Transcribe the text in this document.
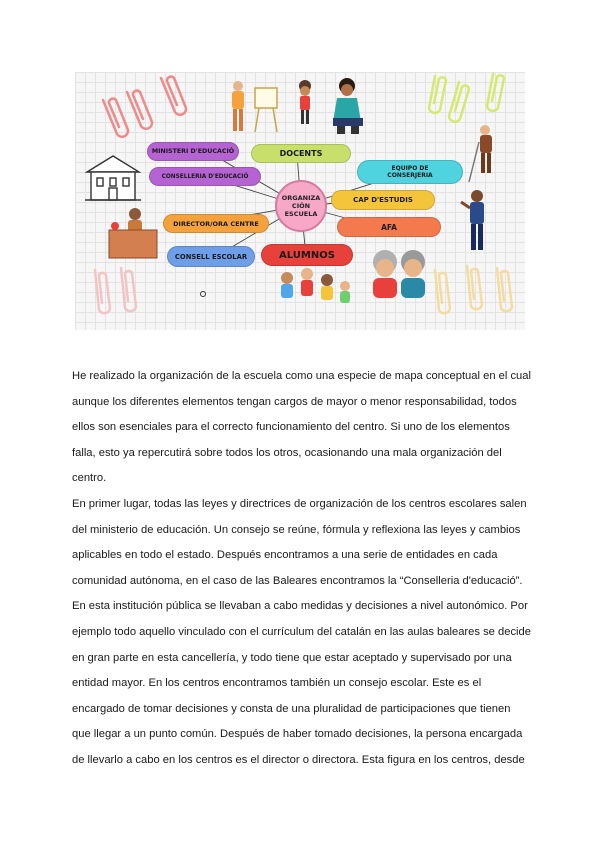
MINISTERI D'EDUCACIÓ	DOCENTS
CONSELLERIA D'EDUCACIÓ
EQUIPO DE CONSERJERIA
DIRECTOR/ORA CENTRE
CAP D'ESTUDIS
AFA
CONSELL ESCOLAR	ALUMNOS
ORGANIZA
CIÓN
ESCUELA

He realizado la organización de la escuela como una especie de mapa conceptual en el cual
aunque los diferentes elementos tengan cargos de mayor o menor responsabilidad, todos
ellos son esenciales para el correcto funcionamiento del centro. Si uno de los elementos
falla, esto ya repercutirá sobre todos los otros, ocasionando una mala organización del
centro.

En primer lugar, todas las leyes y directrices de organización de los centros escolares salen
del ministerio de educación. Un consejo se reúne, fórmula y reflexiona las leyes y cambios
aplicables en todo el estado. Después encontramos a una serie de entidades en cada
comunidad autónoma, en el caso de las Baleares encontramos la “Conselleria d'educació”.
En esta institución pública se llevaban a cabo medidas y decisiones a nivel autonómico. Por
ejemplo todo aquello vinculado con el currículum del catalán en las aulas baleares se decide
en gran parte en esta cancellería, y todo tiene que estar aceptado y supervisado por una
entidad mayor. En los centros encontramos también un consejo escolar. Este es el
encargado de tomar decisiones y consta de una pluralidad de participaciones que tienen
que llegar a un punto común. Después de haber tomado decisiones, la persona encargada
de llevarlo a cabo en los centros es el director o directora. Esta figura en los centros, desde
